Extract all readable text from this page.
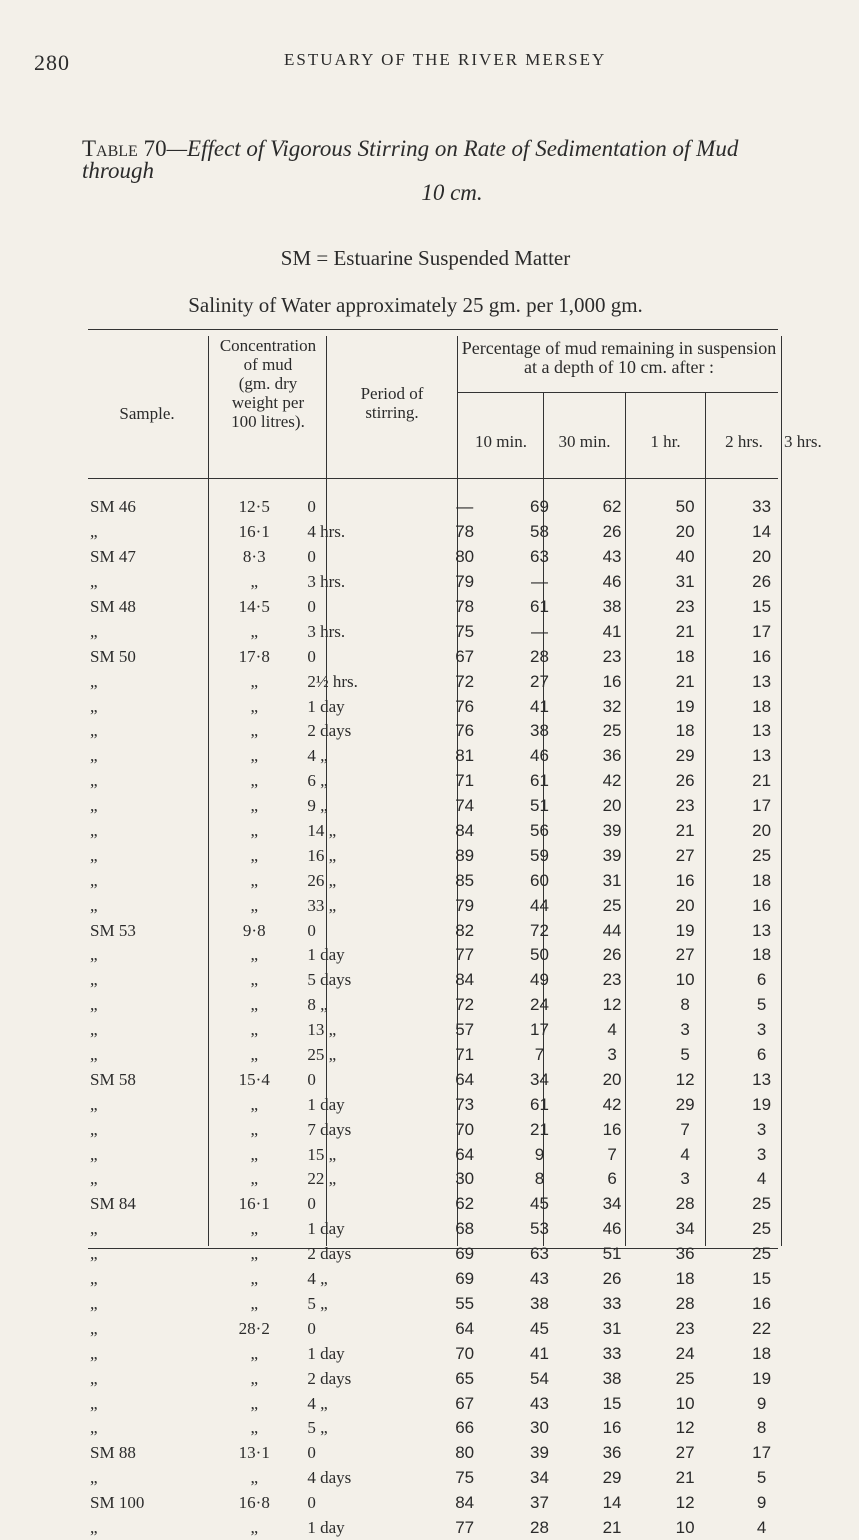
280	ESTUARY OF THE RIVER MERSEY
Table 70—Effect of Vigorous Stirring on Rate of Sedimentation of Mud through
10 cm.
SM = Estuarine Suspended Matter
Salinity of Water approximately 25 gm. per 1,000 gm.
Sample.
Concentration
of mud
(gm. dry
weight per
100 litres).
Period of
stirring.
Percentage of mud remaining in suspension
at a depth of 10 cm. after :
10 min.	30 min.	1 hr.	2 hrs.	3 hrs.
SM 46	12·5	0	—	69	62	50	33
„	16·1	4 hrs.	78	58	26	20	14
SM 47	8·3	0	80	63	43	40	20
„	„	3 hrs.	79	—	46	31	26
SM 48	14·5	0	78	61	38	23	15
„	„	3 hrs.	75	—	41	21	17
SM 50	17·8	0	67	28	23	18	16
„	„	2½ hrs.	72	27	16	21	13
„	„	1 day	76	41	32	19	18
„	„	2 days	76	38	25	18	13
„	„	4 „	81	46	36	29	13
„	„	6 „	71	61	42	26	21
„	„	9 „	74	51	20	23	17
„	„	14 „	84	56	39	21	20
„	„	16 „	89	59	39	27	25
„	„	26 „	85	60	31	16	18
„	„	33 „	79	44	25	20	16
SM 53	9·8	0	82	72	44	19	13
„	„	1 day	77	50	26	27	18
„	„	5 days	84	49	23	10	6
„	„	8 „	72	24	12	8	5
„	„	13 „	57	17	4	3	3
„	„	25 „	71	7	3	5	6
SM 58	15·4	0	64	34	20	12	13
„	„	1 day	73	61	42	29	19
„	„	7 days	70	21	16	7	3
„	„	15 „	64	9	7	4	3
„	„	22 „	30	8	6	3	4
SM 84	16·1	0	62	45	34	28	25
„	„	1 day	68	53	46	34	25
„	„	2 days	69	63	51	36	25
„	„	4 „	69	43	26	18	15
„	„	5 „	55	38	33	28	16
„	28·2	0	64	45	31	23	22
„	„	1 day	70	41	33	24	18
„	„	2 days	65	54	38	25	19
„	„	4 „	67	43	15	10	9
„	„	5 „	66	30	16	12	8
SM 88	13·1	0	80	39	36	27	17
„	„	4 days	75	34	29	21	5
SM 100	16·8	0	84	37	14	12	9
„	„	1 day	77	28	21	10	4
